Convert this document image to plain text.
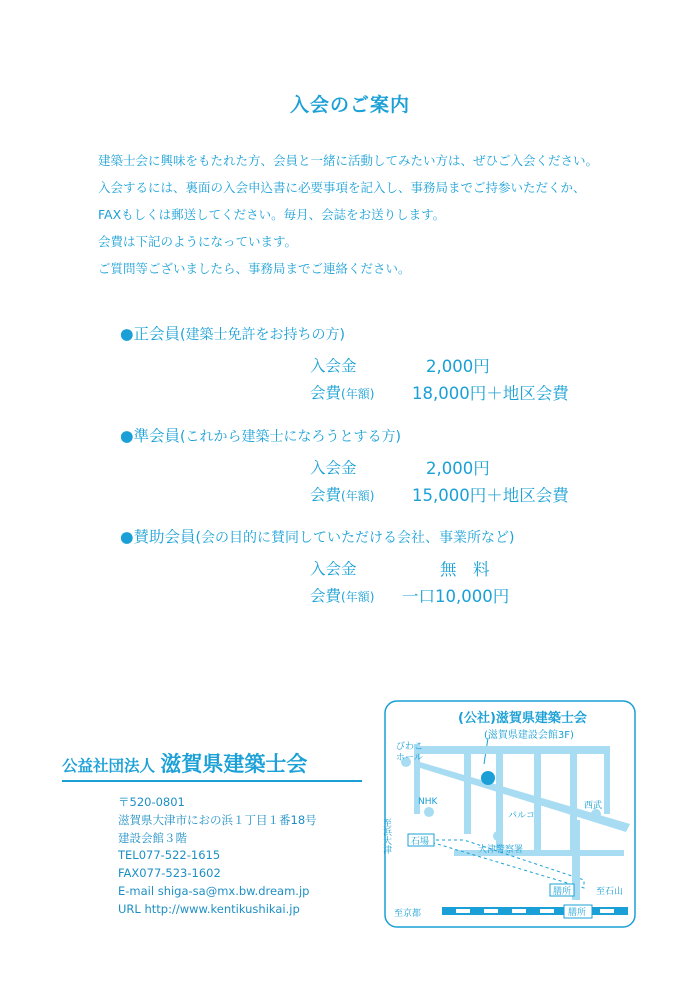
入会のご案内
建築士会に興味をもたれた方、会員と一緒に活動してみたい方は、ぜひご入会ください。
入会するには、裏面の入会申込書に必要事項を記入し、事務局までご持参いただくか、
FAXもしくは郵送してください。毎月、会誌をお送りします。
会費は下記のようになっています。
ご質問等ございましたら、事務局までご連絡ください。
●正会員(建築士免許をお持ちの方)
入会金	2,000円
会費(年額) 18,000円＋地区会費
●準会員(これから建築士になろうとする方)
入会金	2,000円
会費(年額) 15,000円＋地区会費
●賛助会員(会の目的に賛同していただける会社、事業所など)
入会金	無　料
会費(年額) 一口10,000円
公益社団法人 滋賀県建築士会
〒520-0801
滋賀県大津市におの浜１丁目１番18号
建設会館３階
TEL077-522-1615
FAX077-523-1602
E-mail shiga-sa@mx.bw.dream.jp
URL http://www.kentikushikai.jp
(公社)滋賀県建築士会
(滋賀県建設会館3F)
びわこ
ホール
NHK
パルコ
西武
至浜大津 石場
大津警察署
膳所	至石山
至京都	膳所
